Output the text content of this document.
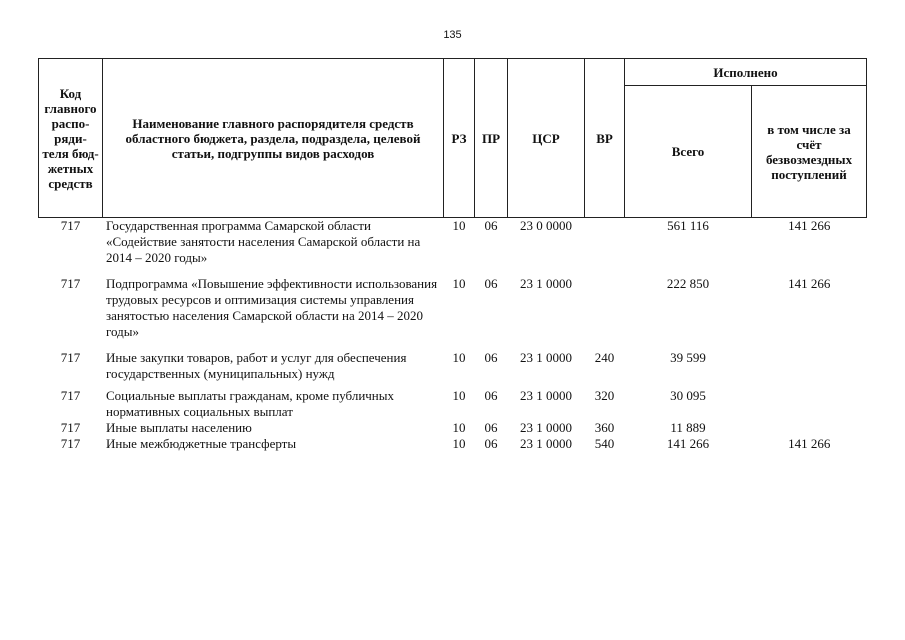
135
Код главного распо-ряди-теля бюд-жетных средств	Наименование главного распорядителя средств областного бюджета, раздела, подраздела, целевой статьи, подгруппы видов расходов	РЗ	ПР	ЦСР	ВР	Исполнено	
						Всего	в том числе за счёт безвозмездных поступлений
717	Государственная программа Самарской области «Содействие занятости населения Самарской области на 2014 – 2020 годы»	10	06	23 0 0000		561 116	141 266

717	Подпрограмма «Повышение эффективности использования трудовых ресурсов и оптимизация системы управления занятостью населения Самарской области на 2014 – 2020 годы»	10	06	23 1 0000		222 850	141 266

717	Иные закупки товаров, работ и услуг для обеспечения государственных (муниципальных) нужд	10	06	23 1 0000	240	39 599	

717	Социальные выплаты гражданам, кроме публичных нормативных социальных выплат	10	06	23 1 0000	320	30 095	
717	Иные выплаты населению	10	06	23 1 0000	360	11 889	
717	Иные межбюджетные трансферты	10	06	23 1 0000	540	141 266	141 266
